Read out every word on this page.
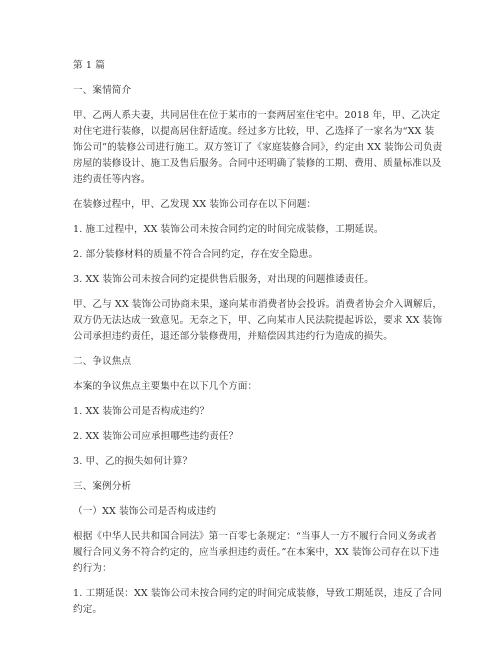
第 1 篇

一、案情简介

甲、乙两人系夫妻，共同居住在位于某市的一套两居室住宅中。2018 年，甲、乙决定对住宅进行装修，以提高居住舒适度。经过多方比较，甲、乙选择了一家名为“XX 装饰公司”的装修公司进行施工。双方签订了《家庭装修合同》，约定由 XX 装饰公司负责房屋的装修设计、施工及售后服务。合同中还明确了装修的工期、费用、质量标准以及违约责任等内容。

在装修过程中，甲、乙发现 XX 装饰公司存在以下问题：

1. 施工过程中，XX 装饰公司未按合同约定的时间完成装修，工期延误。

2. 部分装修材料的质量不符合合同约定，存在安全隐患。

3. XX 装饰公司未按合同约定提供售后服务，对出现的问题推诿责任。

甲、乙与 XX 装饰公司协商未果，遂向某市消费者协会投诉。消费者协会介入调解后，双方仍无法达成一致意见。无奈之下，甲、乙向某市人民法院提起诉讼，要求 XX 装饰公司承担违约责任，退还部分装修费用，并赔偿因其违约行为造成的损失。

二、争议焦点

本案的争议焦点主要集中在以下几个方面：

1. XX 装饰公司是否构成违约？

2. XX 装饰公司应承担哪些违约责任？

3. 甲、乙的损失如何计算？

三、案例分析

（一）XX 装饰公司是否构成违约

根据《中华人民共和国合同法》第一百零七条规定：“当事人一方不履行合同义务或者履行合同义务不符合约定的，应当承担违约责任。”在本案中，XX 装饰公司存在以下违约行为：

1. 工期延误：XX 装饰公司未按合同约定的时间完成装修，导致工期延误，违反了合同约定。
